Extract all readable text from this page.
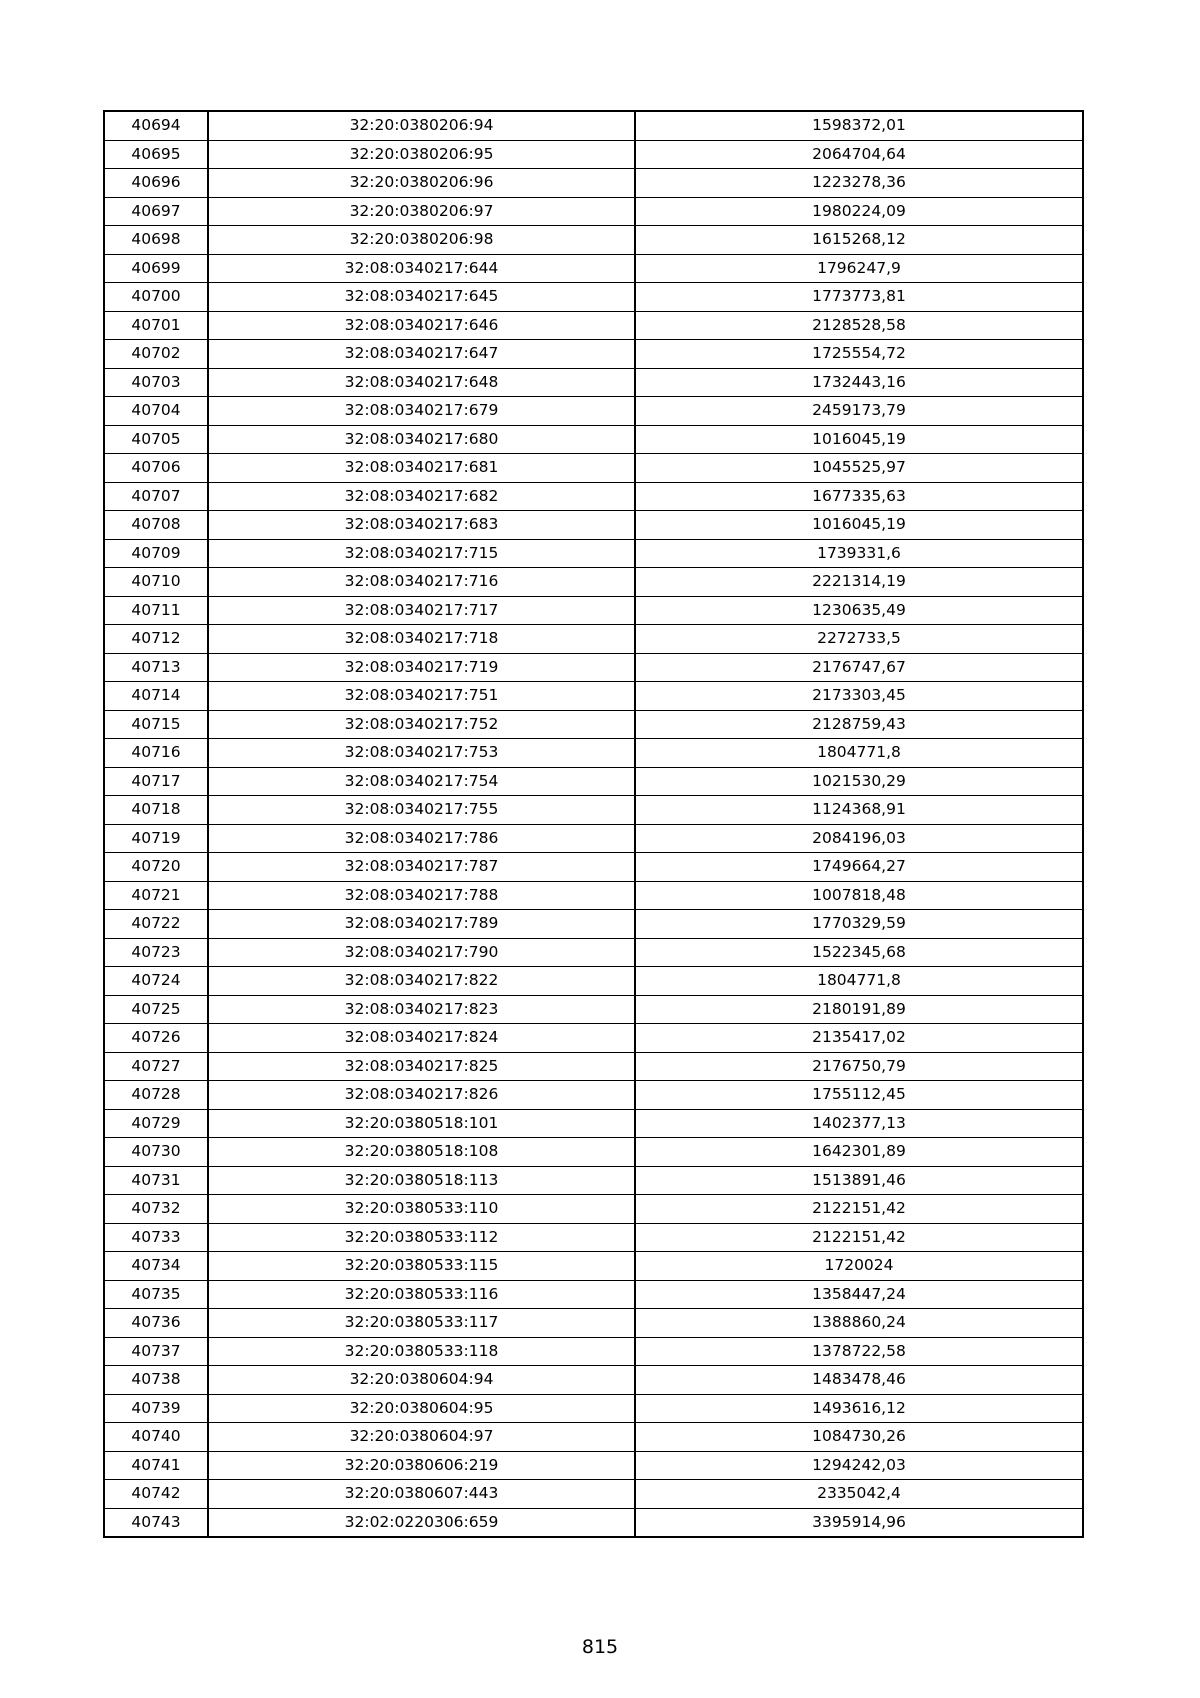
40694	32:20:0380206:94	1598372,01
40695	32:20:0380206:95	2064704,64
40696	32:20:0380206:96	1223278,36
40697	32:20:0380206:97	1980224,09
40698	32:20:0380206:98	1615268,12
40699	32:08:0340217:644	1796247,9
40700	32:08:0340217:645	1773773,81
40701	32:08:0340217:646	2128528,58
40702	32:08:0340217:647	1725554,72
40703	32:08:0340217:648	1732443,16
40704	32:08:0340217:679	2459173,79
40705	32:08:0340217:680	1016045,19
40706	32:08:0340217:681	1045525,97
40707	32:08:0340217:682	1677335,63
40708	32:08:0340217:683	1016045,19
40709	32:08:0340217:715	1739331,6
40710	32:08:0340217:716	2221314,19
40711	32:08:0340217:717	1230635,49
40712	32:08:0340217:718	2272733,5
40713	32:08:0340217:719	2176747,67
40714	32:08:0340217:751	2173303,45
40715	32:08:0340217:752	2128759,43
40716	32:08:0340217:753	1804771,8
40717	32:08:0340217:754	1021530,29
40718	32:08:0340217:755	1124368,91
40719	32:08:0340217:786	2084196,03
40720	32:08:0340217:787	1749664,27
40721	32:08:0340217:788	1007818,48
40722	32:08:0340217:789	1770329,59
40723	32:08:0340217:790	1522345,68
40724	32:08:0340217:822	1804771,8
40725	32:08:0340217:823	2180191,89
40726	32:08:0340217:824	2135417,02
40727	32:08:0340217:825	2176750,79
40728	32:08:0340217:826	1755112,45
40729	32:20:0380518:101	1402377,13
40730	32:20:0380518:108	1642301,89
40731	32:20:0380518:113	1513891,46
40732	32:20:0380533:110	2122151,42
40733	32:20:0380533:112	2122151,42
40734	32:20:0380533:115	1720024
40735	32:20:0380533:116	1358447,24
40736	32:20:0380533:117	1388860,24
40737	32:20:0380533:118	1378722,58
40738	32:20:0380604:94	1483478,46
40739	32:20:0380604:95	1493616,12
40740	32:20:0380604:97	1084730,26
40741	32:20:0380606:219	1294242,03
40742	32:20:0380607:443	2335042,4
40743	32:02:0220306:659	3395914,96
815
